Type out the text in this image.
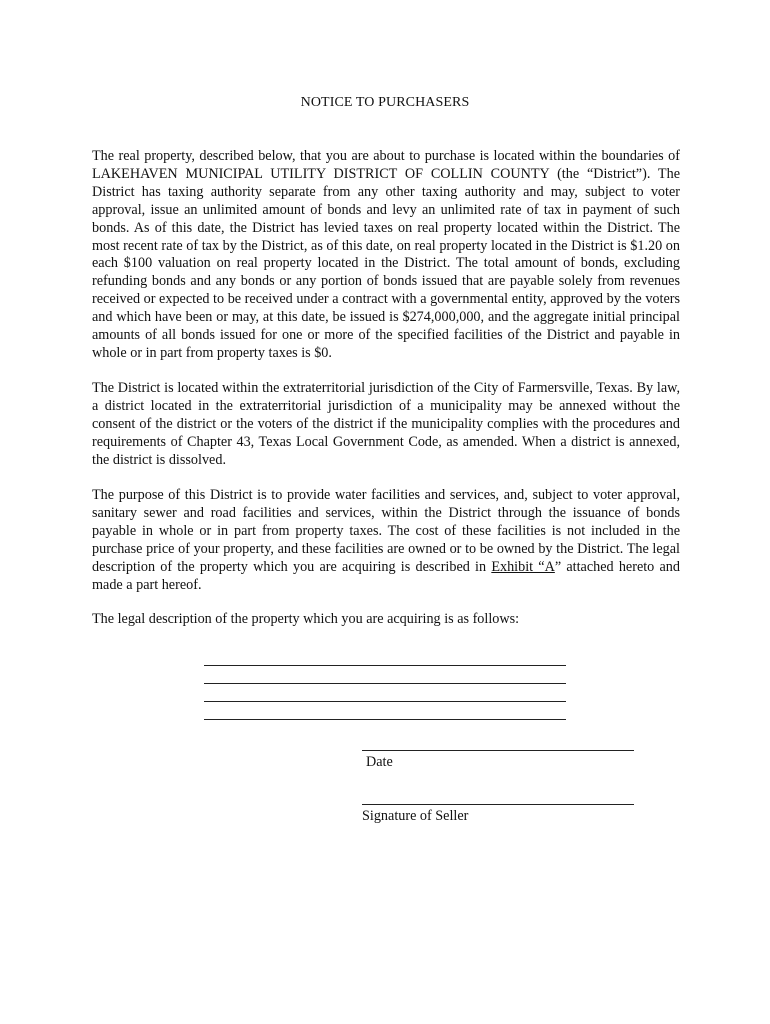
NOTICE TO PURCHASERS
The real property, described below, that you are about to purchase is located within the boundaries of LAKEHAVEN MUNICIPAL UTILITY DISTRICT OF COLLIN COUNTY (the “District”). The District has taxing authority separate from any other taxing authority and may, subject to voter approval, issue an unlimited amount of bonds and levy an unlimited rate of tax in payment of such bonds. As of this date, the District has levied taxes on real property located within the District. The most recent rate of tax by the District, as of this date, on real property located in the District is $1.20 on each $100 valuation on real property located in the District. The total amount of bonds, excluding refunding bonds and any bonds or any portion of bonds issued that are payable solely from revenues received or expected to be received under a contract with a governmental entity, approved by the voters and which have been or may, at this date, be issued is $274,000,000, and the aggregate initial principal amounts of all bonds issued for one or more of the specified facilities of the District and payable in whole or in part from property taxes is $0.
The District is located within the extraterritorial jurisdiction of the City of Farmersville, Texas. By law, a district located in the extraterritorial jurisdiction of a municipality may be annexed without the consent of the district or the voters of the district if the municipality complies with the procedures and requirements of Chapter 43, Texas Local Government Code, as amended. When a district is annexed, the district is dissolved.
The purpose of this District is to provide water facilities and services, and, subject to voter approval, sanitary sewer and road facilities and services, within the District through the issuance of bonds payable in whole or in part from property taxes. The cost of these facilities is not included in the purchase price of your property, and these facilities are owned or to be owned by the District. The legal description of the property which you are acquiring is described in Exhibit “A” attached hereto and made a part hereof.
The legal description of the property which you are acquiring is as follows:
Date
Signature of Seller
